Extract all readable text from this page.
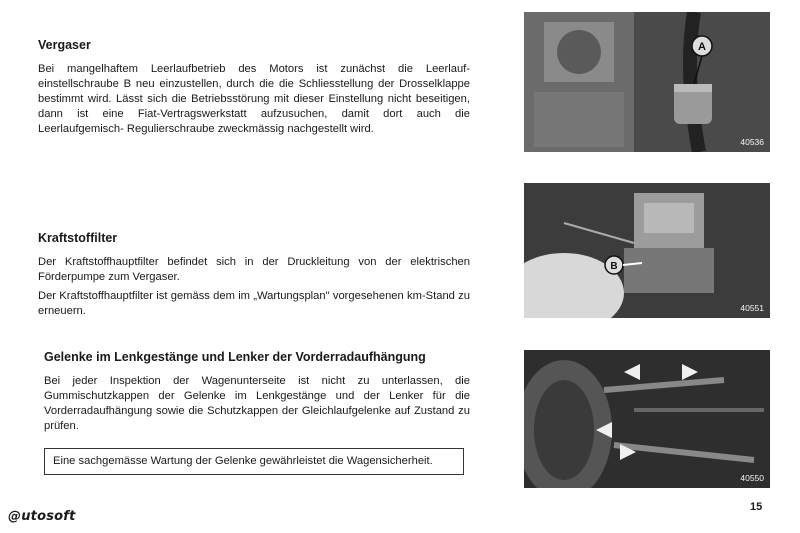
Vergaser

Bei mangelhaftem Leerlaufbetrieb des Motors ist zunächst die Leerlauf-einstellschraube B neu einzustellen, durch die die Schliesstellung der Drosselklappe bestimmt wird. Lässt sich die Betriebsstörung mit dieser Einstellung nicht beseitigen, dann ist eine Fiat-Vertragswerkstatt aufzusuchen, damit dort auch die Leerlaufgemisch- Regulierschraube zweckmässig nachgestellt wird.

Kraftstoffilter

Der Kraftstoffhauptfilter befindet sich in der Druckleitung von der elektrischen Förderpumpe zum Vergaser.

Der Kraftstoffhauptfilter ist gemäss dem im „Wartungsplan" vorgesehenen km-Stand zu erneuern.

Gelenke im Lenkgestänge und Lenker der Vorderradaufhängung

Bei jeder Inspektion der Wagenunterseite ist nicht zu unterlassen, die Gummischutzkappen der Gelenke im Lenkgestänge und der Lenker für die Vorderradaufhängung sowie die Schutzkappen der Gleichlaufgelenke auf Zustand zu prüfen.

Eine sachgemässe Wartung der Gelenke gewährleistet die Wagensicherheit.
A
40536
B
40551
40550
15
@utosoft
